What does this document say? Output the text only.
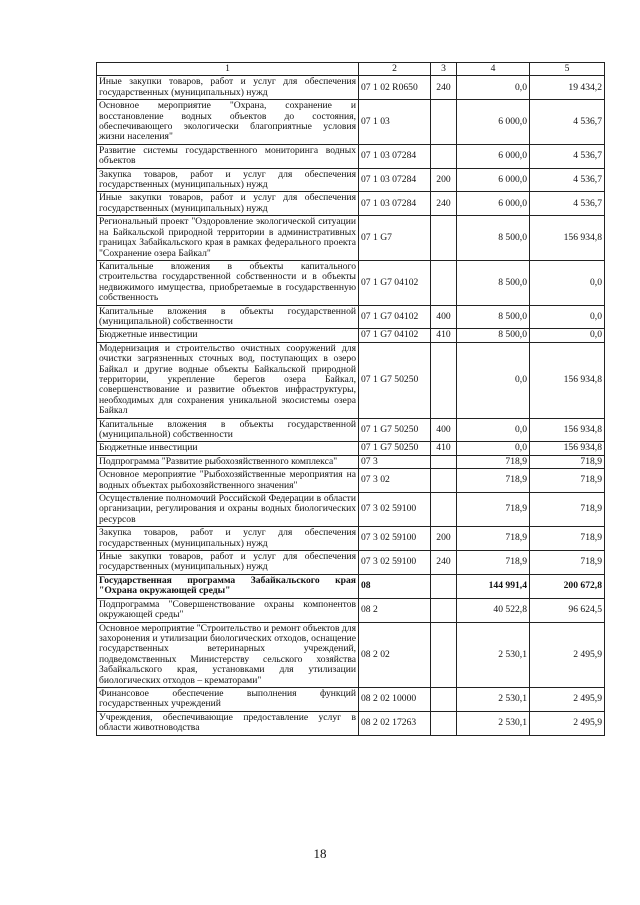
1	2	3	4	5
Иные закупки товаров, работ и услуг для обеспечения государственных (муниципальных) нужд	07 1 02 R0650	240	0,0	19 434,2
Основное мероприятие "Охрана, сохранение и восстановление водных объектов до состояния, обеспечивающего экологически благоприятные условия жизни населения"	07 1 03		6 000,0	4 536,7
Развитие системы государственного мониторинга водных объектов	07 1 03 07284		6 000,0	4 536,7
Закупка товаров, работ и услуг для обеспечения государственных (муниципальных) нужд	07 1 03 07284	200	6 000,0	4 536,7
Иные закупки товаров, работ и услуг для обеспечения государственных (муниципальных) нужд	07 1 03 07284	240	6 000,0	4 536,7
Региональный проект "Оздоровление экологической ситуации на Байкальской природной территории в административных границах Забайкальского края в рамках федерального проекта "Сохранение озера Байкал"	07 1 G7		8 500,0	156 934,8
Капитальные вложения в объекты капитального строительства государственной собственности и в объекты недвижимого имущества, приобретаемые в государственную собственность	07 1 G7 04102		8 500,0	0,0
Капитальные вложения в объекты государственной (муниципальной) собственности	07 1 G7 04102	400	8 500,0	0,0
Бюджетные инвестиции	07 1 G7 04102	410	8 500,0	0,0
Модернизация и строительство очистных сооружений для очистки загрязненных сточных вод, поступающих в озеро Байкал и другие водные объекты Байкальской природной территории, укрепление берегов озера Байкал, совершенствование и развитие объектов инфраструктуры, необходимых для сохранения уникальной экосистемы озера Байкал	07 1 G7 50250		0,0	156 934,8
Капитальные вложения в объекты государственной (муниципальной) собственности	07 1 G7 50250	400	0,0	156 934,8
Бюджетные инвестиции	07 1 G7 50250	410	0,0	156 934,8
Подпрограмма "Развитие рыбохозяйственного комплекса"	07 3		718,9	718,9
Основное мероприятие "Рыбохозяйственные мероприятия на водных объектах рыбохозяйственного значения"	07 3 02		718,9	718,9
Осуществление полномочий Российской Федерации в области организации, регулирования и охраны водных биологических ресурсов	07 3 02 59100		718,9	718,9
Закупка товаров, работ и услуг для обеспечения государственных (муниципальных) нужд	07 3 02 59100	200	718,9	718,9
Иные закупки товаров, работ и услуг для обеспечения государственных (муниципальных) нужд	07 3 02 59100	240	718,9	718,9
Государственная программа Забайкальского края "Охрана окружающей среды"	08		144 991,4	200 672,8
Подпрограмма "Совершенствование охраны компонентов окружающей среды"	08 2		40 522,8	96 624,5
Основное мероприятие "Строительство и ремонт объектов для захоронения и утилизации биологических отходов, оснащение государственных ветеринарных учреждений, подведомственных Министерству сельского хозяйства Забайкальского края, установками для утилизации биологических отходов – крематорами"	08 2 02		2 530,1	2 495,9
Финансовое обеспечение выполнения функций государственных учреждений	08 2 02 10000		2 530,1	2 495,9
Учреждения, обеспечивающие предоставление услуг в области животноводства	08 2 02 17263		2 530,1	2 495,9
18
